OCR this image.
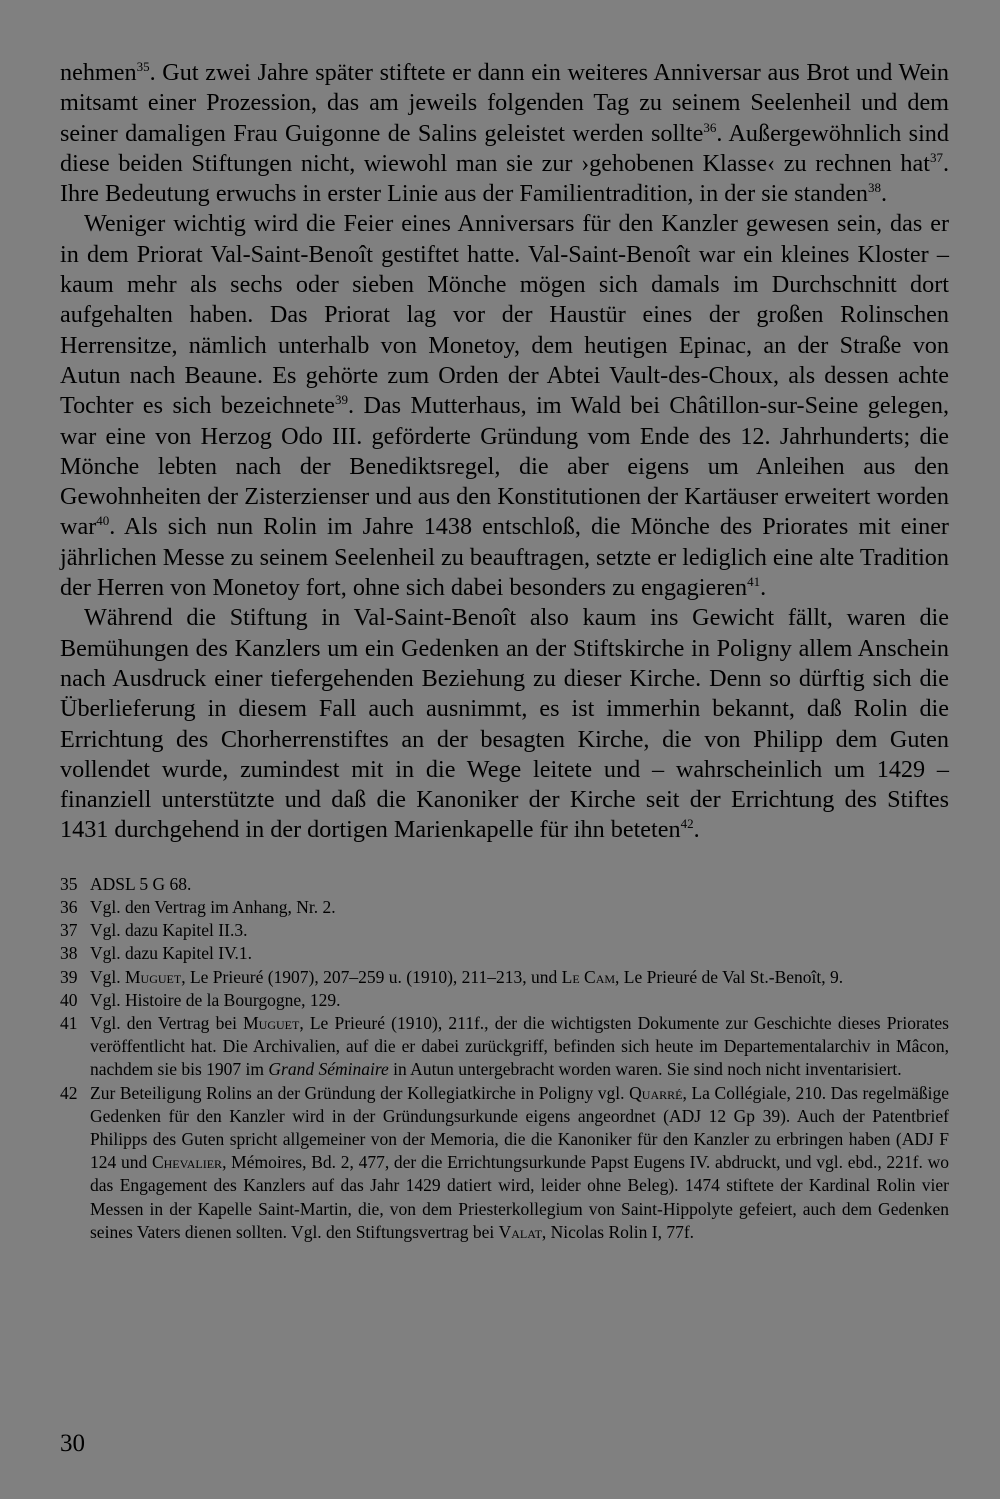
nehmen$^{35}$. Gut zwei Jahre später stiftete er dann ein weiteres Anniversar aus Brot und Wein mitsamt einer Prozession, das am jeweils folgenden Tag zu seinem Seelenheil und dem seiner damaligen Frau Guigonne de Salins geleistet werden sollte$^{36}$. Außergewöhnlich sind diese beiden Stiftungen nicht, wiewohl man sie zur ›gehobenen Klasse‹ zu rechnen hat$^{37}$. Ihre Bedeutung erwuchs in erster Linie aus der Familientradition, in der sie standen$^{38}$.

Weniger wichtig wird die Feier eines Anniversars für den Kanzler gewesen sein, das er in dem Priorat Val-Saint-Benoît gestiftet hatte. Val-Saint-Benoît war ein kleines Kloster – kaum mehr als sechs oder sieben Mönche mögen sich damals im Durchschnitt dort aufgehalten haben. Das Priorat lag vor der Haustür eines der großen Rolinschen Herrensitze, nämlich unterhalb von Monetoy, dem heutigen Epinac, an der Straße von Autun nach Beaune. Es gehörte zum Orden der Abtei Vault-des-Choux, als dessen achte Tochter es sich bezeichnete$^{39}$. Das Mutterhaus, im Wald bei Châtillon-sur-Seine gelegen, war eine von Herzog Odo III. geförderte Gründung vom Ende des 12. Jahrhunderts; die Mönche lebten nach der Benediktsregel, die aber eigens um Anleihen aus den Gewohnheiten der Zisterzienser und aus den Konstitutionen der Kartäuser erweitert worden war$^{40}$. Als sich nun Rolin im Jahre 1438 entschloß, die Mönche des Priorates mit einer jährlichen Messe zu seinem Seelenheil zu beauftragen, setzte er lediglich eine alte Tradition der Herren von Monetoy fort, ohne sich dabei besonders zu engagieren$^{41}$.

Während die Stiftung in Val-Saint-Benoît also kaum ins Gewicht fällt, waren die Bemühungen des Kanzlers um ein Gedenken an der Stiftskirche in Poligny allem Anschein nach Ausdruck einer tiefergehenden Beziehung zu dieser Kirche. Denn so dürftig sich die Überlieferung in diesem Fall auch ausnimmt, es ist immerhin bekannt, daß Rolin die Errichtung des Chorherrenstiftes an der besagten Kirche, die von Philipp dem Guten vollendet wurde, zumindest mit in die Wege leitete und – wahrscheinlich um 1429 – finanziell unterstützte und daß die Kanoniker der Kirche seit der Errichtung des Stiftes 1431 durchgehend in der dortigen Marienkapelle für ihn beteten$^{42}$.

35 ADSL 5 G 68.
36 Vgl. den Vertrag im Anhang, Nr. 2.
37 Vgl. dazu Kapitel II.3.
38 Vgl. dazu Kapitel IV.1.
39 Vgl. Muguet, Le Prieuré (1907), 207–259 u. (1910), 211–213, und Le Cam, Le Prieuré de Val St.-Benoît, 9.
40 Vgl. Histoire de la Bourgogne, 129.
41 Vgl. den Vertrag bei Muguet, Le Prieuré (1910), 211f., der die wichtigsten Dokumente zur Geschichte dieses Priorates veröffentlicht hat. Die Archivalien, auf die er dabei zurückgriff, befinden sich heute im Departementalarchiv in Mâcon, nachdem sie bis 1907 im Grand Séminaire in Autun untergebracht worden waren. Sie sind noch nicht inventarisiert.
42 Zur Beteiligung Rolins an der Gründung der Kollegiatkirche in Poligny vgl. Quarré, La Collégiale, 210. Das regelmäßige Gedenken für den Kanzler wird in der Gründungsurkunde eigens angeordnet (ADJ 12 Gp 39). Auch der Patentbrief Philipps des Guten spricht allgemeiner von der Memoria, die die Kanoniker für den Kanzler zu erbringen haben (ADJ F 124 und Chevalier, Mémoires, Bd. 2, 477, der die Errichtungsurkunde Papst Eugens IV. abdruckt, und vgl. ebd., 221f. wo das Engagement des Kanzlers auf das Jahr 1429 datiert wird, leider ohne Beleg). 1474 stiftete der Kardinal Rolin vier Messen in der Kapelle Saint-Martin, die, von dem Priesterkollegium von Saint-Hippolyte gefeiert, auch dem Gedenken seines Vaters dienen sollten. Vgl. den Stiftungsvertrag bei Valat, Nicolas Rolin I, 77f.
30
